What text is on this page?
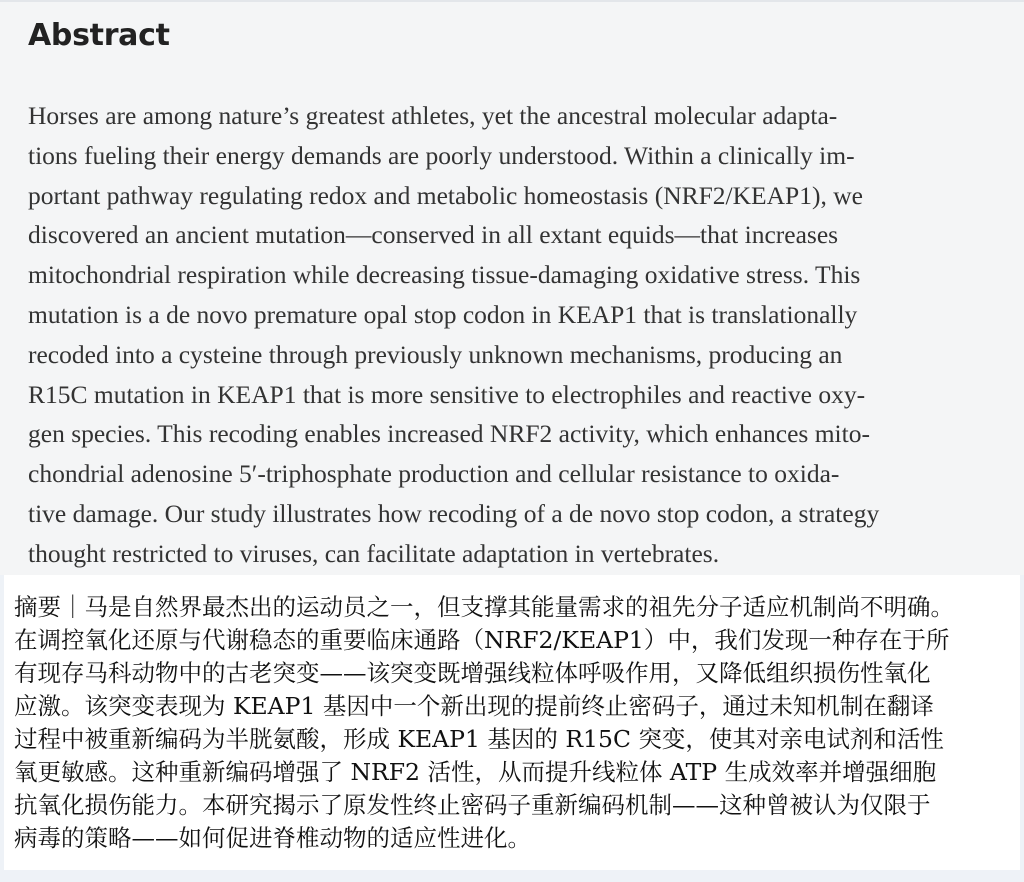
Abstract
Horses are among nature’s greatest athletes, yet the ancestral molecular adapta-
tions fueling their energy demands are poorly understood. Within a clinically im-
portant pathway regulating redox and metabolic homeostasis (NRF2/KEAP1), we
discovered an ancient mutation—conserved in all extant equids—that increases
mitochondrial respiration while decreasing tissue-damaging oxidative stress. This
mutation is a de novo premature opal stop codon in KEAP1 that is translationally
recoded into a cysteine through previously unknown mechanisms, producing an
R15C mutation in KEAP1 that is more sensitive to electrophiles and reactive oxy-
gen species. This recoding enables increased NRF2 activity, which enhances mito-
chondrial adenosine 5′-triphosphate production and cellular resistance to oxida-
tive damage. Our study illustrates how recoding of a de novo stop codon, a strategy
thought restricted to viruses, can facilitate adaptation in vertebrates.
摘要｜马是自然界最杰出的运动员之一，但支撑其能量需求的祖先分子适应机制尚不明确。
在调控氧化还原与代谢稳态的重要临床通路（NRF2/KEAP1）中，我们发现一种存在于所
有现存马科动物中的古老突变——该突变既增强线粒体呼吸作用，又降低组织损伤性氧化
应激。该突变表现为 KEAP1 基因中一个新出现的提前终止密码子，通过未知机制在翻译
过程中被重新编码为半胱氨酸，形成 KEAP1 基因的 R15C 突变，使其对亲电试剂和活性
氧更敏感。这种重新编码增强了 NRF2 活性，从而提升线粒体 ATP 生成效率并增强细胞
抗氧化损伤能力。本研究揭示了原发性终止密码子重新编码机制——这种曾被认为仅限于
病毒的策略——如何促进脊椎动物的适应性进化。
